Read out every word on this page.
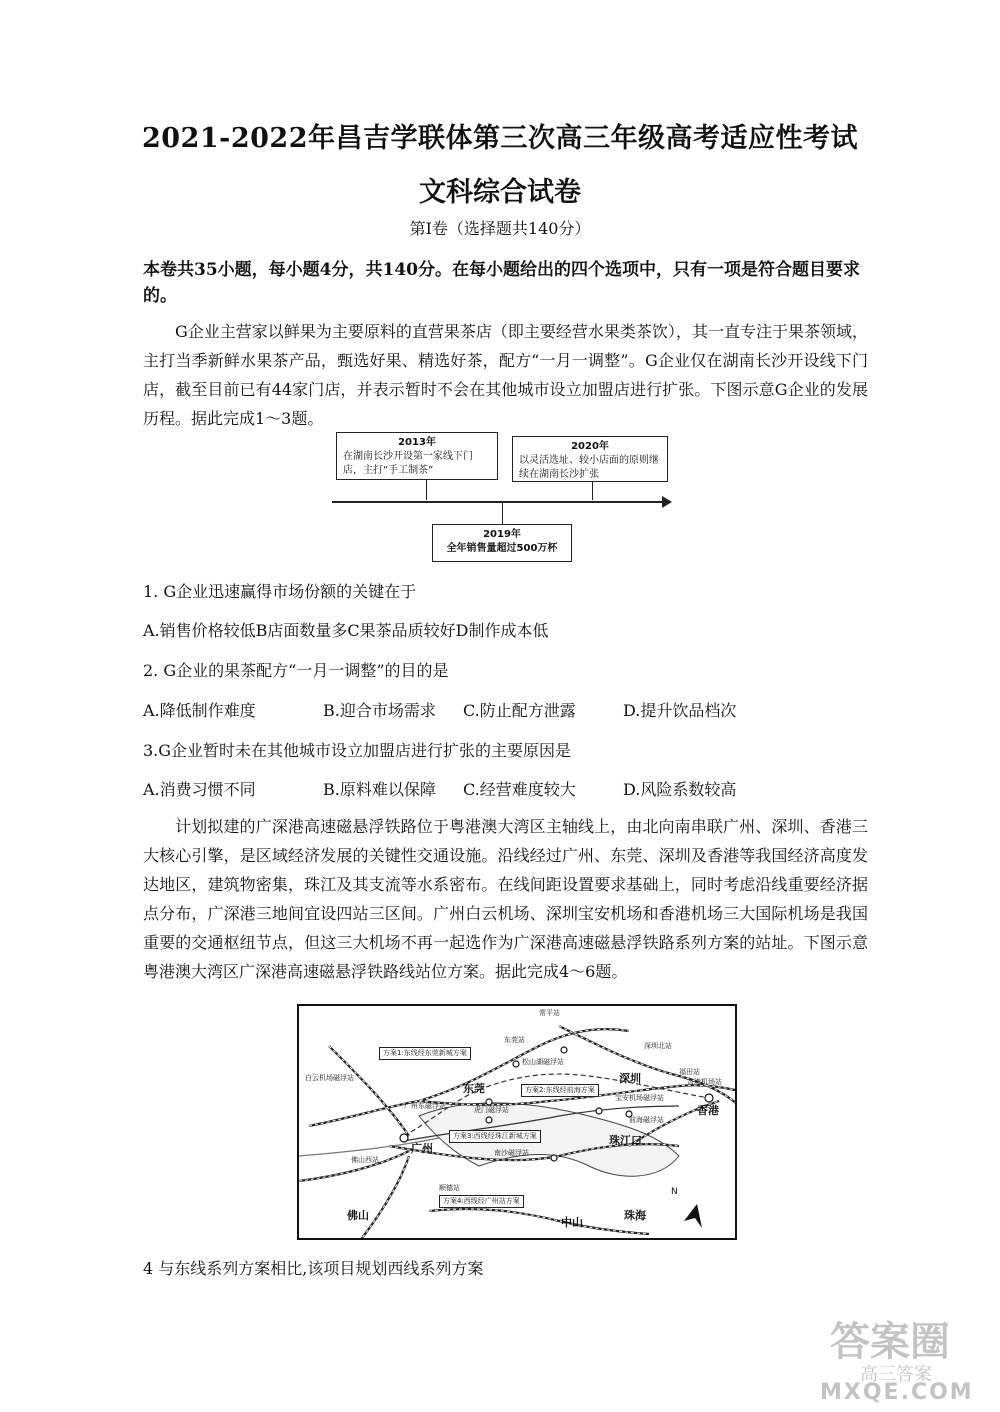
2021-2022年昌吉学联体第三次高三年级高考适应性考试
文科综合试卷
第Ⅰ卷（选择题共140分）
本卷共35小题，每小题4分，共140分。在每小题给出的四个选项中，只有一项是符合题目要求的。
G企业主营家以鲜果为主要原料的直营果茶店（即主要经营水果类茶饮），其一直专注于果茶领域，主打当季新鲜水果茶产品，甄选好果、精选好茶，配方“一月一调整”。G企业仅在湖南长沙开设线下门店，截至目前已有44家门店，并表示暂时不会在其他城市设立加盟店进行扩张。下图示意G企业的发展历程。据此完成1～3题。
2013年
在湖南长沙开设第一家线下门店，主打“手工制茶”
2020年
以灵活选址、较小店面的原则继续在湖南长沙扩张
2019年
全年销售量超过500万杯
1. G企业迅速赢得市场份额的关键在于
A.销售价格较低B店面数量多C果茶品质较好D制作成本低
2. G企业的果茶配方“一月一调整”的目的是
A.降低制作难度	B.迎合市场需求	C.防止配方泄露	D.提升饮品档次
3.G企业暂时未在其他城市设立加盟店进行扩张的主要原因是
A.消费习惯不同	B.原料难以保障	C.经营难度较大	D.风险系数较高
计划拟建的广深港高速磁悬浮铁路位于粤港澳大湾区主轴线上，由北向南串联广州、深圳、香港三大核心引擎，是区域经济发展的关键性交通设施。沿线经过广州、东莞、深圳及香港等我国经济高度发达地区，建筑物密集，珠江及其支流等水系密布。在线间距设置要求基础上，同时考虑沿线重要经济据点分布，广深港三地间宜设四站三区间。广州白云机场、深圳宝安机场和香港机场三大国际机场是我国重要的交通枢纽节点，但这三大机场不再一起选作为广深港高速磁悬浮铁路系列方案的站址。下图示意粤港澳大湾区广深港高速磁悬浮铁路线站位方案。据此完成4～6题。
常平站
东莞站
方案1:东线经东莞新城方案
东莞
松山湖磁浮站
深圳北站
深圳
白云机场磁浮站
广州东磁浮站	虎门磁浮站
方案2:东线经前海方案
福田站
香港机场站
宝安机场磁浮站
前海磁浮站
香港
方案3:西线经珠江新城方案	珠江口
南沙磁浮站
广州
佛山西站
顺德站
方案4:西线经广州站方案
佛山
中山
珠海
N
4 与东线系列方案相比,该项目规划西线系列方案
答案圈
高三答案
MXQE.COM
